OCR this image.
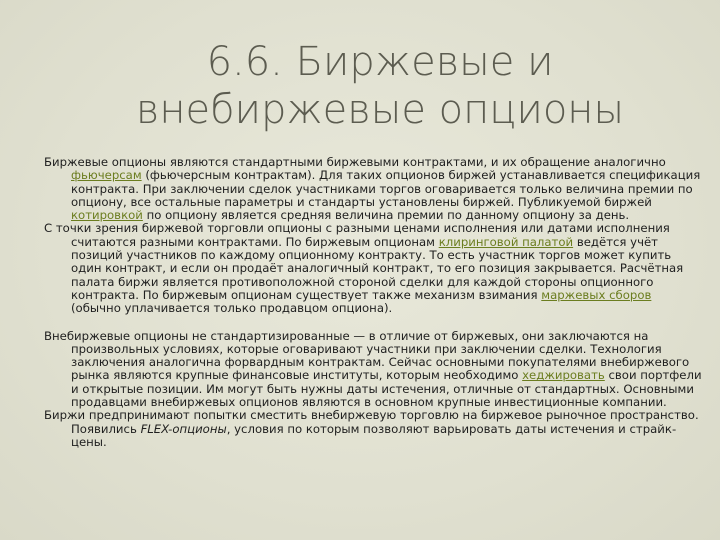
6.6. Биржевые и внебиржевые опционы

Биржевые опционы являются стандартными биржевыми контрактами, и их обращение аналогично фьючерсам (фьючерсным контрактам). Для таких опционов биржей устанавливается спецификация контракта. При заключении сделок участниками торгов оговаривается только величина премии по опциону, все остальные параметры и стандарты установлены биржей. Публикуемой биржей котировкой по опциону является средняя величина премии по данному опциону за день.

С точки зрения биржевой торговли опционы с разными ценами исполнения или датами исполнения считаются разными контрактами. По биржевым опционам клиринговой палатой ведётся учёт позиций участников по каждому опционному контракту. То есть участник торгов может купить один контракт, и если он продаёт аналогичный контракт, то его позиция закрывается. Расчётная палата биржи является противоположной стороной сделки для каждой стороны опционного контракта. По биржевым опционам существует также механизм взимания маржевых сборов (обычно уплачивается только продавцом опциона).

Внебиржевые опционы не стандартизированные — в отличие от биржевых, они заключаются на произвольных условиях, которые оговаривают участники при заключении сделки. Технология заключения аналогична форвардным контрактам. Сейчас основными покупателями внебиржевого рынка являются крупные финансовые институты, которым необходимо хеджировать свои портфели и открытые позиции. Им могут быть нужны даты истечения, отличные от стандартных. Основными продавцами внебиржевых опционов являются в основном крупные инвестиционные компании.

Биржи предпринимают попытки сместить внебиржевую торговлю на биржевое рыночное пространство. Появились FLEX-опционы, условия по которым позволяют варьировать даты истечения и страйк-цены.
